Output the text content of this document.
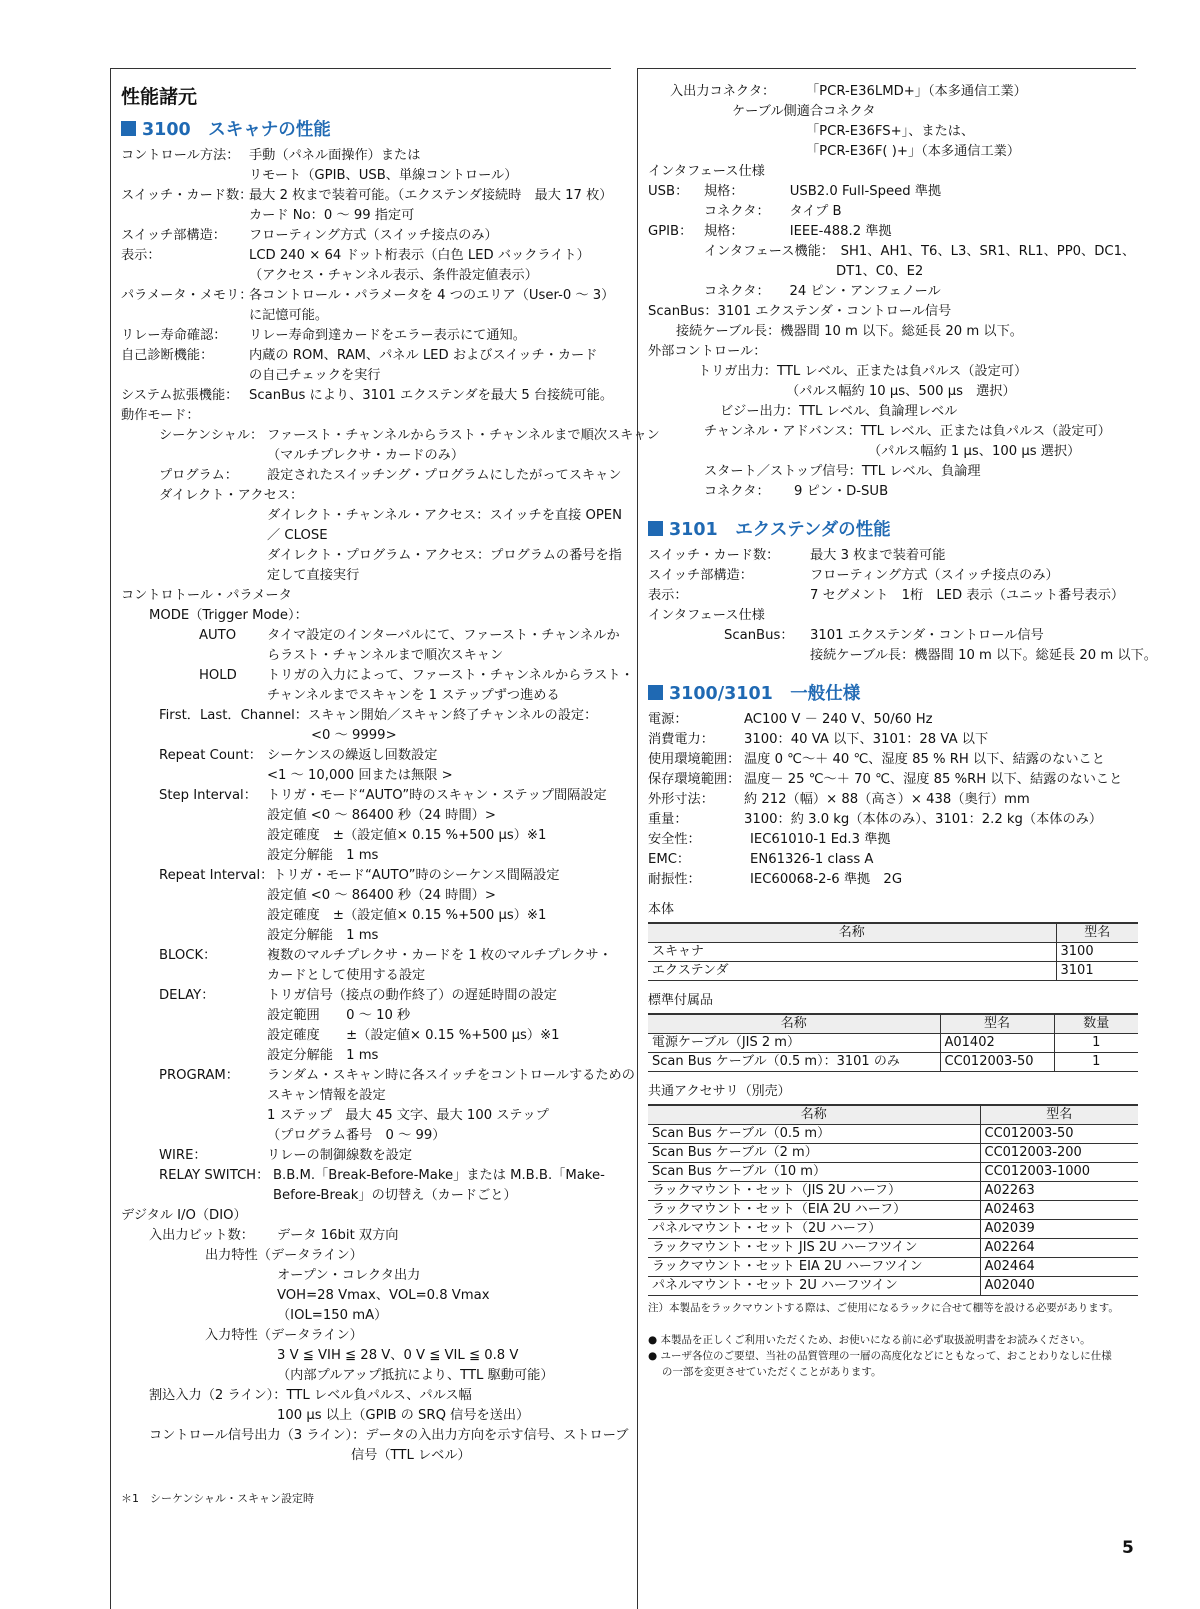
性能諸元
3100　スキャナの性能
コントロール方法： 手動（パネル面操作）または
リモート（GPIB、USB、単線コントロール）
スイッチ・カード数：
最大 2 枚まで装着可能。（エクステンダ接続時　最大 17 枚）
カード No：0 ～ 99 指定可
スイッチ部構造： フローティング方式（スイッチ接点のみ）
表示：	LCD 240 × 64 ドット桁表示（白色 LED バックライト）
（アクセス・チャンネル表示、条件設定値表示）
パラメータ・メモリ：
各コントロール・パラメータを 4 つのエリア（User-0 ～ 3）
に記憶可能。
リレー寿命確認： リレー寿命到達カードをエラー表示にて通知。
自己診断機能：	内蔵の ROM、RAM、パネル LED およびスイッチ・カード
の自己チェックを実行
システム拡張機能： ScanBus により、3101 エクステンダを最大 5 台接続可能。
動作モード：
シーケンシャル： ファースト・チャンネルからラスト・チャンネルまで順次スキャン
（マルチプレクサ・カードのみ）
プログラム： 設定されたスイッチング・プログラムにしたがってスキャン
ダイレクト・アクセス：
ダイレクト・チャンネル・アクセス：スイッチを直接 OPEN
／ CLOSE
ダイレクト・プログラム・アクセス：プログラムの番号を指
定して直接実行
コントロトール・パラメータ
MODE（Trigger Mode）：
AUTO タイマ設定のインターバルにて、ファースト・チャンネルか
らラスト・チャンネルまで順次スキャン
HOLD トリガの入力によって、ファースト・チャンネルからラスト・
チャンネルまでスキャンを 1 ステップずつ進める
First．Last．Channel：スキャン開始／スキャン終了チャンネルの設定：
<0 ～ 9999>
Repeat Count： シーケンスの繰返し回数設定
<1 ～ 10,000 回または無限 >
Step Interval： トリガ・モード“AUTO”時のスキャン・ステップ間隔設定
設定値 <0 ～ 86400 秒（24 時間）>
設定確度　±（設定値× 0.15 %+500 µs）※1
設定分解能　1 ms
Repeat Interval：トリガ・モード“AUTO”時のシーケンス間隔設定
設定値 <0 ～ 86400 秒（24 時間）>
設定確度　±（設定値× 0.15 %+500 µs）※1
設定分解能　1 ms
BLOCK：	複数のマルチプレクサ・カードを 1 枚のマルチプレクサ・
カードとして使用する設定
DELAY：	トリガ信号（接点の動作終了）の遅延時間の設定
設定範囲　　0 ～ 10 秒
設定確度　　±（設定値× 0.15 %+500 µs）※1
設定分解能　1 ms
PROGRAM： ランダム・スキャン時に各スイッチをコントロールするための
スキャン情報を設定
1 ステップ　最大 45 文字、最大 100 ステップ
（プログラム番号　0 ～ 99）
WIRE：	リレーの制御線数を設定
RELAY SWITCH： B.B.M.「Break-Before-Make」または M.B.B.「Make-
Before-Break」の切替え（カードごと）
デジタル I/O（DIO）
入出力ビット数： データ 16bit 双方向
出力特性（データライン）
オープン・コレクタ出力
VOH=28 Vmax、VOL=0.8 Vmax
（IOL=150 mA）
入力特性（データライン）
3 V ≦ VIH ≦ 28 V、0 V ≦ VIL ≦ 0.8 V
（内部プルアップ抵抗により、TTL 駆動可能）
割込入力（2 ライン）：TTL レベル負パルス、パルス幅
100 µs 以上（GPIB の SRQ 信号を送出）
コントロール信号出力（3 ライン）：データの入出力方向を示す信号、ストローブ
信号（TTL レベル）
入出力コネクタ： 「PCR-E36LMD+」（本多通信工業）
ケーブル側適合コネクタ
「PCR-E36FS+」、または、
「PCR-E36F( )+」（本多通信工業）
インタフェース仕様
USB： 規格：　　　　USB2.0 Full-Speed 準拠
コネクタ：　　タイプ B
GPIB： 規格：　　　　IEEE-488.2 準拠
インタフェース機能：　SH1、AH1、T6、L3、SR1、RL1、PP0、DC1、
DT1、C0、E2
コネクタ：　　24 ピン・アンフェノール
ScanBus：3101 エクステンダ・コントロール信号
接続ケーブル長：機器間 10 m 以下。総延長 20 m 以下。
外部コントロール：
トリガ出力：TTL レベル、正または負パルス（設定可）
（パルス幅約 10 µs、500 µs　選択）
ビジー出力：TTL レベル、負論理レベル
チャンネル・アドバンス：TTL レベル、正または負パルス（設定可）
（パルス幅約 1 µs、100 µs 選択）
スタート／ストップ信号：TTL レベル、負論理
コネクタ： 9 ピン・D-SUB
3101　エクステンダの性能
スイッチ・カード数： 最大 3 枚まで装着可能
スイッチ部構造：	フローティング方式（スイッチ接点のみ）
表示：	7 セグメント　1桁　LED 表示（ユニット番号表示）
インタフェース仕様
ScanBus： 3101 エクステンダ・コントロール信号
接続ケーブル長：機器間 10 m 以下。総延長 20 m 以下。
3100/3101　一般仕様
電源：	AC100 V － 240 V、50/60 Hz
消費電力： 3100：40 VA 以下、3101：28 VA 以下
使用環境範囲： 温度 0 ℃～＋ 40 ℃、湿度 85 % RH 以下、結露のないこと
保存環境範囲： 温度－ 25 ℃～＋ 70 ℃、湿度 85 %RH 以下、結露のないこと
外形寸法： 約 212（幅）× 88（高さ）× 438（奥行）mm
重量：	3100：約 3.0 kg（本体のみ）、3101：2.2 kg（本体のみ）
安全性：	IEC61010-1 Ed.3 準拠
EMC：	EN61326-1 class A
耐振性：	IEC60068-2-6 準拠　2G
本体
名称	型名
スキャナ	3100
エクステンダ	3101
標準付属品
名称	型名	数量
電源ケーブル（JIS 2 m）	A01402	1
Scan Bus ケーブル（0.5 m）：3101 のみ	CC012003-50	1
共通アクセサリ（別売）
名称	型名
Scan Bus ケーブル（0.5 m）	CC012003-50
Scan Bus ケーブル（2 m）	CC012003-200
Scan Bus ケーブル（10 m）	CC012003-1000
ラックマウント・セット（JIS 2U ハーフ）	A02263
ラックマウント・セット（EIA 2U ハーフ）	A02463
パネルマウント・セット（2U ハーフ）	A02039
ラックマウント・セット JIS 2U ハーフツイン	A02264
ラックマウント・セット EIA 2U ハーフツイン	A02464
パネルマウント・セット 2U ハーフツイン	A02040
注）本製品をラックマウントする際は、ご使用になるラックに合せて棚等を設ける必要があります。
● 本製品を正しくご利用いただくため、お使いになる前に必ず取扱説明書をお読みください。
● ユーザ各位のご要望、当社の品質管理の一層の高度化などにともなって、おことわりなしに仕様
　 の一部を変更させていただくことがあります。
＊1　シーケンシャル・スキャン設定時
5
